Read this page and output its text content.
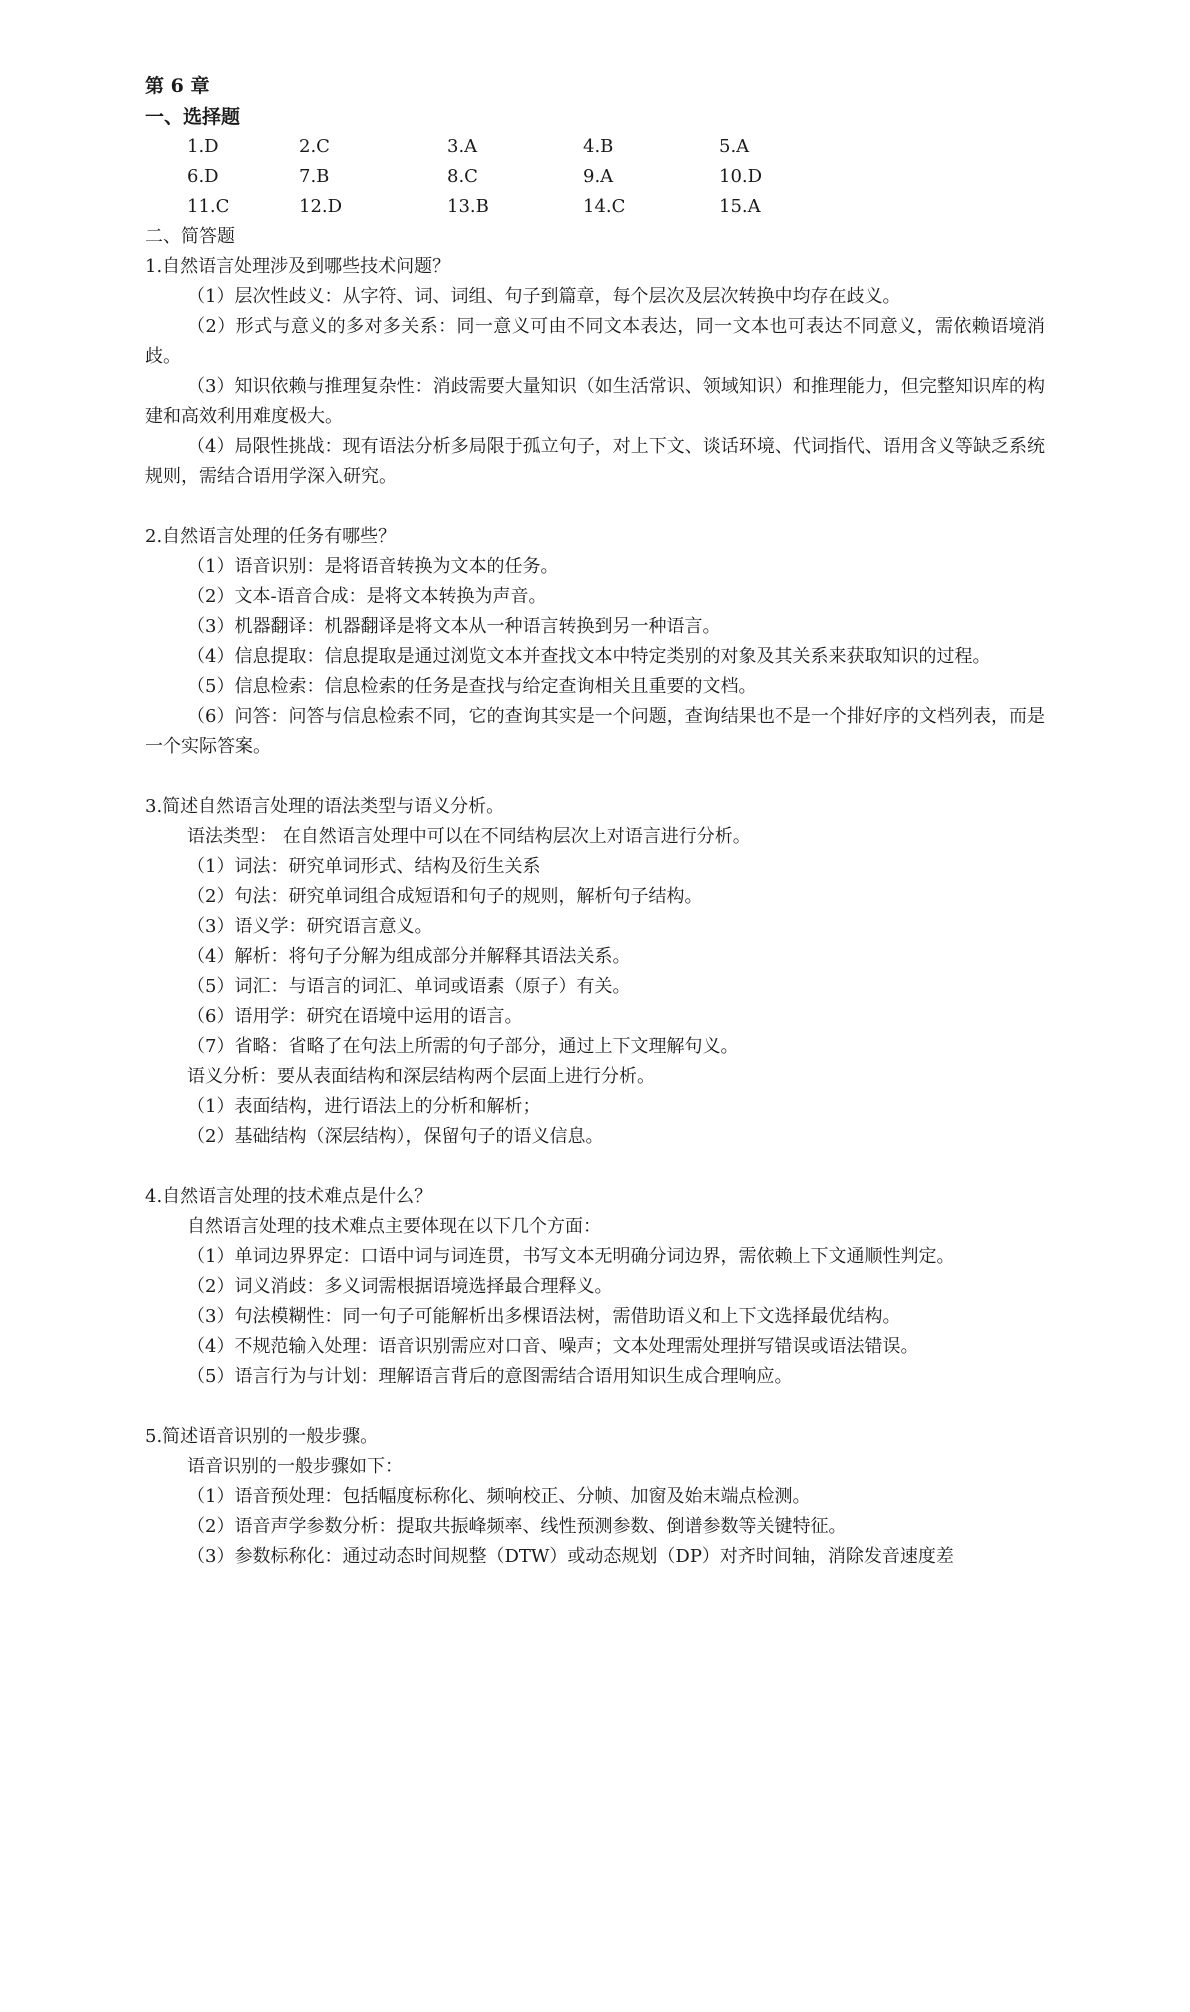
第 6 章
一、选择题
1.D	2.C	3.A	4.B	5.A
6.D	7.B	8.C	9.A	10.D
11.C	12.D	13.B	14.C	15.A
二、简答题
1.自然语言处理涉及到哪些技术问题？
（1）层次性歧义：从字符、词、词组、句子到篇章，每个层次及层次转换中均存在歧义。
（2）形式与意义的多对多关系：同一意义可由不同文本表达，同一文本也可表达不同意义，需依赖语境消歧。
（3）知识依赖与推理复杂性：消歧需要大量知识（如生活常识、领域知识）和推理能力，但完整知识库的构建和高效利用难度极大。
（4）局限性挑战：现有语法分析多局限于孤立句子，对上下文、谈话环境、代词指代、语用含义等缺乏系统规则，需结合语用学深入研究。
2.自然语言处理的任务有哪些？
（1）语音识别：是将语音转换为文本的任务。
（2）文本-语音合成：是将文本转换为声音。
（3）机器翻译：机器翻译是将文本从一种语言转换到另一种语言。
（4）信息提取：信息提取是通过浏览文本并查找文本中特定类别的对象及其关系来获取知识的过程。
（5）信息检索：信息检索的任务是查找与给定查询相关且重要的文档。
（6）问答：问答与信息检索不同，它的查询其实是一个问题，查询结果也不是一个排好序的文档列表，而是一个实际答案。
3.简述自然语言处理的语法类型与语义分析。
语法类型： 在自然语言处理中可以在不同结构层次上对语言进行分析。
（1）词法：研究单词形式、结构及衍生关系
（2）句法：研究单词组合成短语和句子的规则，解析句子结构。
（3）语义学：研究语言意义。
（4）解析：将句子分解为组成部分并解释其语法关系。
（5）词汇：与语言的词汇、单词或语素（原子）有关。
（6）语用学：研究在语境中运用的语言。
（7）省略：省略了在句法上所需的句子部分，通过上下文理解句义。
语义分析：要从表面结构和深层结构两个层面上进行分析。
（1）表面结构，进行语法上的分析和解析；
（2）基础结构（深层结构），保留句子的语义信息。
4.自然语言处理的技术难点是什么？
自然语言处理的技术难点主要体现在以下几个方面：
（1）单词边界界定：口语中词与词连贯，书写文本无明确分词边界，需依赖上下文通顺性判定。
（2）词义消歧：多义词需根据语境选择最合理释义。
（3）句法模糊性：同一句子可能解析出多棵语法树，需借助语义和上下文选择最优结构。
（4）不规范输入处理：语音识别需应对口音、噪声；文本处理需处理拼写错误或语法错误。
（5）语言行为与计划：理解语言背后的意图需结合语用知识生成合理响应。
5.简述语音识别的一般步骤。
语音识别的一般步骤如下：
（1）语音预处理：包括幅度标称化、频响校正、分帧、加窗及始末端点检测。
（2）语音声学参数分析：提取共振峰频率、线性预测参数、倒谱参数等关键特征。
（3）参数标称化：通过动态时间规整（DTW）或动态规划（DP）对齐时间轴，消除发音速度差
